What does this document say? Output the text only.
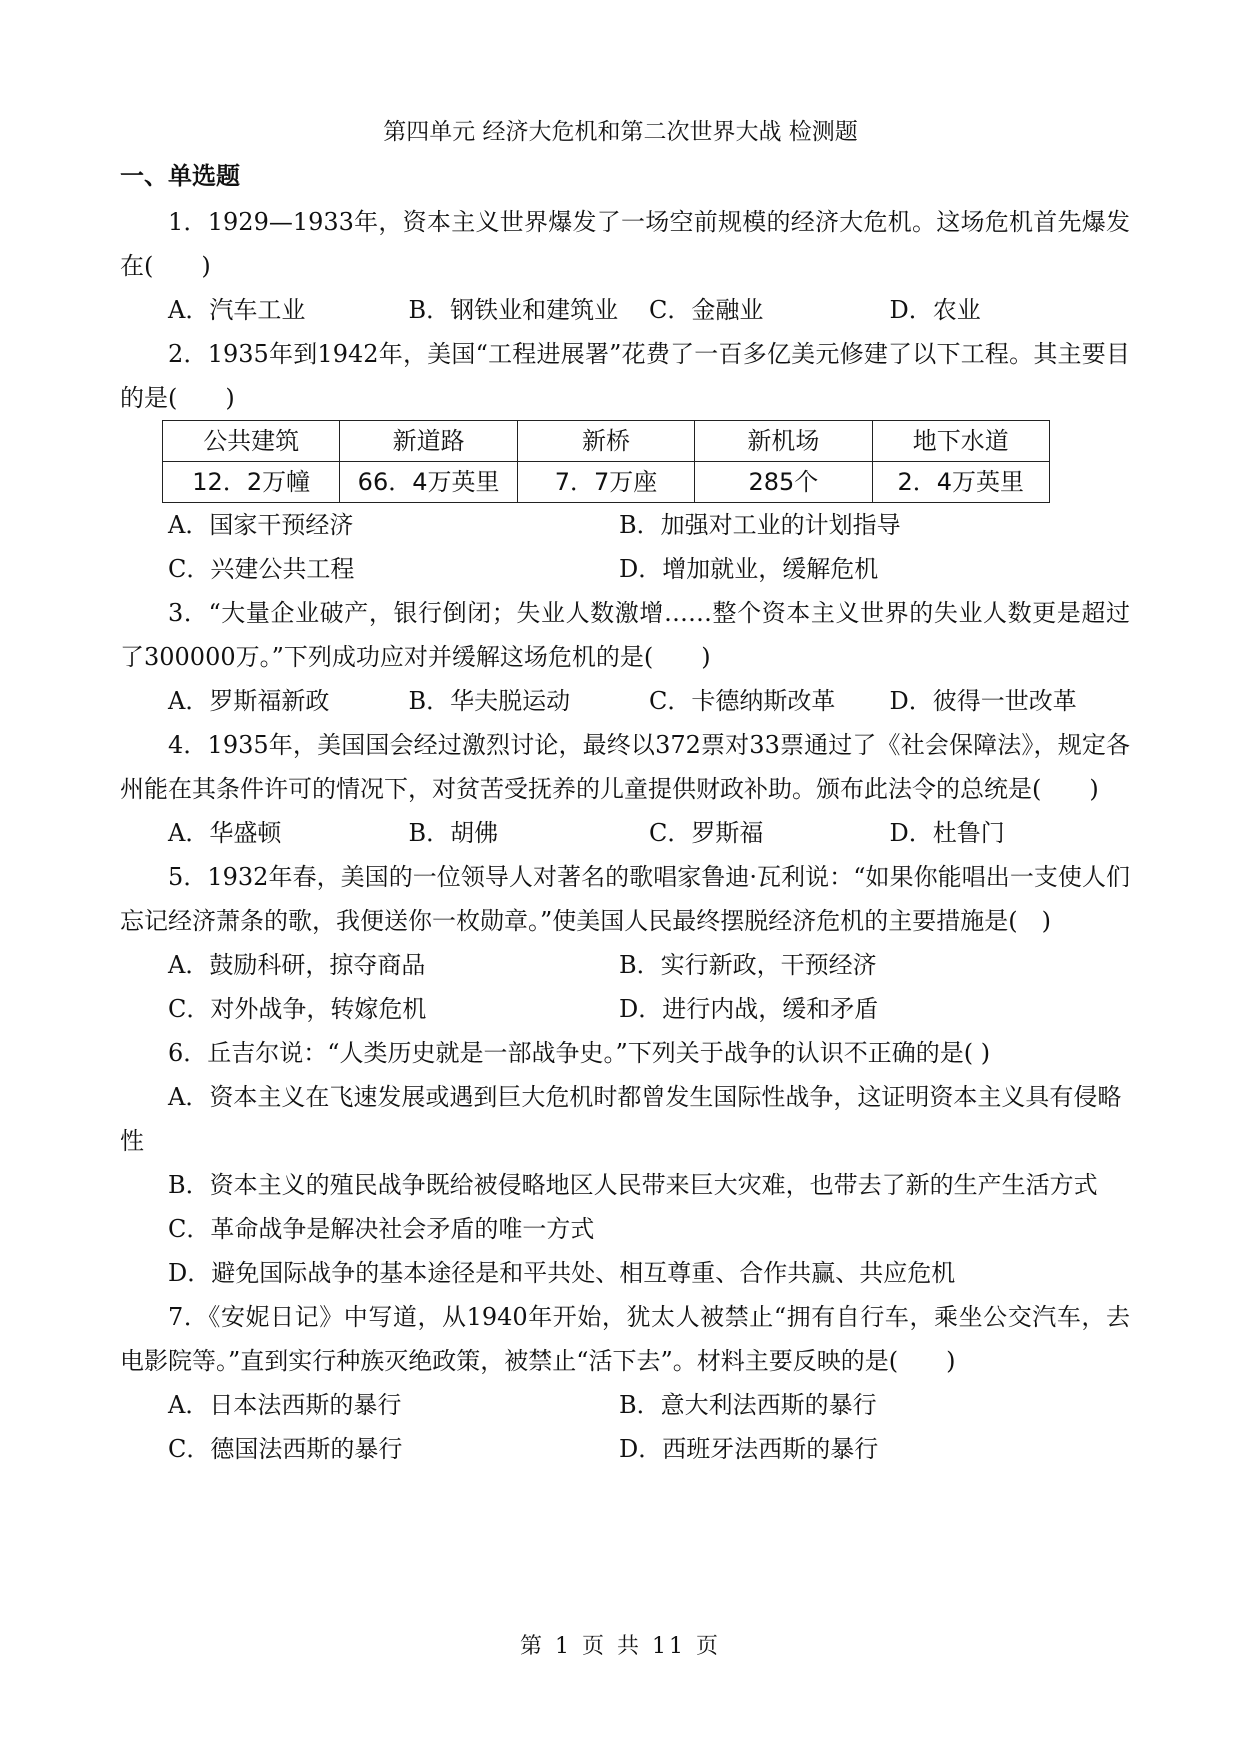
第四单元 经济大危机和第二次世界大战 检测题
一、单选题

1．1929—1933年，资本主义世界爆发了一场空前规模的经济大危机。这场危机首先爆发在(　　)

A．汽车工业	B．钢铁业和建筑业	C．金融业	D．农业

2．1935年到1942年，美国“工程进展署”花费了一百多亿美元修建了以下工程。其主要目的是(　　)

公共建筑	新道路	新桥	新机场	地下水道
12．2万幢	66．4万英里	7．7万座	285个	2．4万英里
A．国家干预经济	B．加强对工业的计划指导
C．兴建公共工程	D．增加就业，缓解危机

3．“大量企业破产，银行倒闭；失业人数激增……整个资本主义世界的失业人数更是超过了300000万。”下列成功应对并缓解这场危机的是(　　)

A．罗斯福新政	B．华夫脱运动	C．卡德纳斯改革	D．彼得一世改革

4．1935年，美国国会经过激烈讨论，最终以372票对33票通过了《社会保障法》，规定各州能在其条件许可的情况下，对贫苦受抚养的儿童提供财政补助。颁布此法令的总统是(　　)

A．华盛顿	B．胡佛	C．罗斯福	D．杜鲁门

5．1932年春，美国的一位领导人对著名的歌唱家鲁迪·瓦利说：“如果你能唱出一支使人们忘记经济萧条的歌，我便送你一枚勋章。”使美国人民最终摆脱经济危机的主要措施是(　)

A．鼓励科研，掠夺商品	B．实行新政，干预经济
C．对外战争，转嫁危机	D．进行内战，缓和矛盾

6．丘吉尔说：“人类历史就是一部战争史。”下列关于战争的认识不正确的是( )

A．资本主义在飞速发展或遇到巨大危机时都曾发生国际性战争，这证明资本主义具有侵略性

B．资本主义的殖民战争既给被侵略地区人民带来巨大灾难，也带去了新的生产生活方式

C．革命战争是解决社会矛盾的唯一方式

D．避免国际战争的基本途径是和平共处、相互尊重、合作共赢、共应危机

7．《安妮日记》中写道，从1940年开始，犹太人被禁止“拥有自行车，乘坐公交汽车，去电影院等。”直到实行种族灭绝政策，被禁止“活下去”。材料主要反映的是(　　)

A．日本法西斯的暴行	B．意大利法西斯的暴行
C．德国法西斯的暴行	D．西班牙法西斯的暴行
第 1 页 共 11 页
